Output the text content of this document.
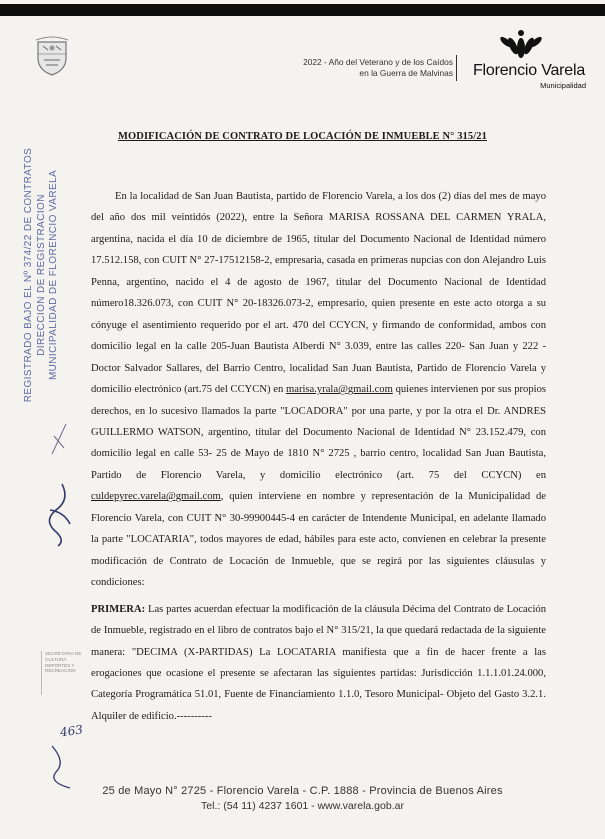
2022 - Año del Veterano y de los Caídos
en la Guerra de Malvinas	Florencio Varela
Municipalidad
REGISTRADO BAJO EL Nº 374/22 DE CONTRATOS DIRECCION DE REGISTRACION MUNICIPALIDAD DE FLORENCIO VARELA
MODIFICACIÓN DE CONTRATO DE LOCACIÓN DE INMUEBLE N° 315/21

En la localidad de San Juan Bautista, partido de Florencio Varela, a los dos (2) días del mes de mayo del año dos mil veintidós (2022), entre la Señora MARISA ROSSANA DEL CARMEN YRALA, argentina, nacida el día 10 de diciembre de 1965, titular del Documento Nacional de Identidad número 17.512.158, con CUIT N° 27-17512158-2, empresaria, casada en primeras nupcias con don Alejandro Luis Penna, argentino, nacido el 4 de agosto de 1967, titular del Documento Nacional de Identidad número18.326.073, con CUIT N° 20-18326.073-2, empresario, quien presente en este acto otorga a su cónyuge el asentimiento requerido por el art. 470 del CCYCN, y firmando de conformidad, ambos con domicilio legal en la calle 205-Juan Bautista Alberdi N° 3.039, entre las calles 220- San Juan y 222 -Doctor Salvador Sallares, del Barrio Centro, localidad San Juan Bautista, Partido de Florencio Varela y domicilio electrónico (art.75 del CCYCN) en marisa.yrala@gmail.com quienes intervienen por sus propios derechos, en lo sucesivo llamados la parte "LOCADORA" por una parte, y por la otra el Dr. ANDRES GUILLERMO WATSON, argentino, titular del Documento Nacional de Identidad N° 23.152.479, con domicilio legal en calle 53- 25 de Mayo de 1810 N° 2725 , barrio centro, localidad San Juan Bautista, Partido de Florencio Varela, y domicilio electrónico (art. 75 del CCYCN) en culdepyrec.varela@gmail.com, quien interviene en nombre y representación de la Municipalidad de Florencio Varela, con CUIT N° 30-99900445-4 en carácter de Intendente Municipal, en adelante llamado la parte "LOCATARIA", todos mayores de edad, hábiles para este acto, convienen en celebrar la presente modificación de Contrato de Locación de Inmueble, que se regirá por las siguientes cláusulas y condiciones:

PRIMERA: Las partes acuerdan efectuar la modificación de la cláusula Décima del Contrato de Locación de Inmueble, registrado en el libro de contratos bajo el N° 315/21, la que quedará redactada de la siguiente manera: "DECIMA (X-PARTIDAS) La LOCATARIA manifiesta que a fin de hacer frente a las erogaciones que ocasione el presente se afectaran las siguientes partidas: Jurisdicción 1.1.1.01.24.000, Categoría Programática 51.01, Fuente de Financiamiento 1.1.0, Tesoro Municipal- Objeto del Gasto 3.2.1. Alquiler de edificio.----------

SECRETARIA DE CULTURA DEPORTES Y RECREACION
463
25 de Mayo N° 2725 - Florencio Varela - C.P. 1888 - Provincia de Buenos Aires
Tel.: (54 11) 4237 1601 - www.varela.gob.ar
